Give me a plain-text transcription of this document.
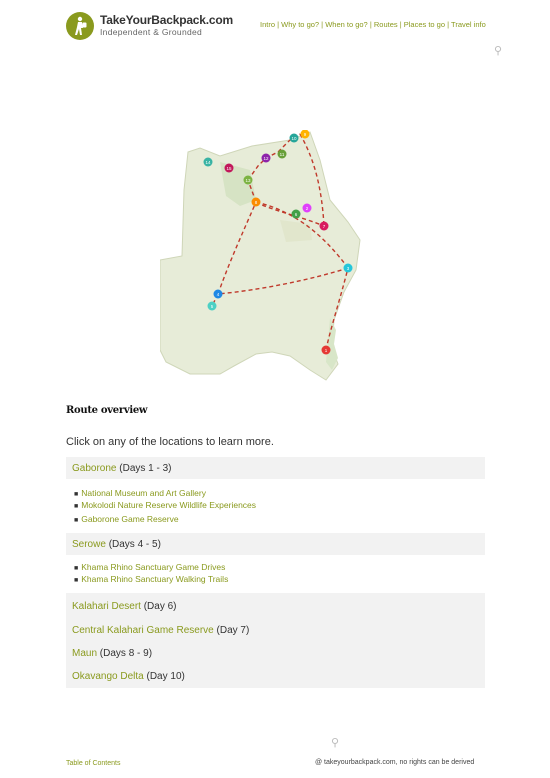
TakeYourBackpack.com
Independent & Grounded
Intro | Why to go? | When to go? | Routes | Places to go | Travel info
⚲
14
15
13
12
11
10
9
8
3
4
5
6
7
1
2
Route overview
Click on any of the locations to learn more.
Gaborone (Days 1 - 3)
■ National Museum and Art Gallery
■ Mokolodi Nature Reserve Wildlife Experiences
■ Gaborone Game Reserve
Serowe (Days 4 - 5)
■ Khama Rhino Sanctuary Game Drives
■ Khama Rhino Sanctuary Walking Trails
Kalahari Desert (Day 6)
Central Kalahari Game Reserve (Day 7)
Maun (Days 8 - 9)
Okavango Delta (Day 10)
⚲
Table of Contents	@ takeyourbackpack.com, no rights can be derived
